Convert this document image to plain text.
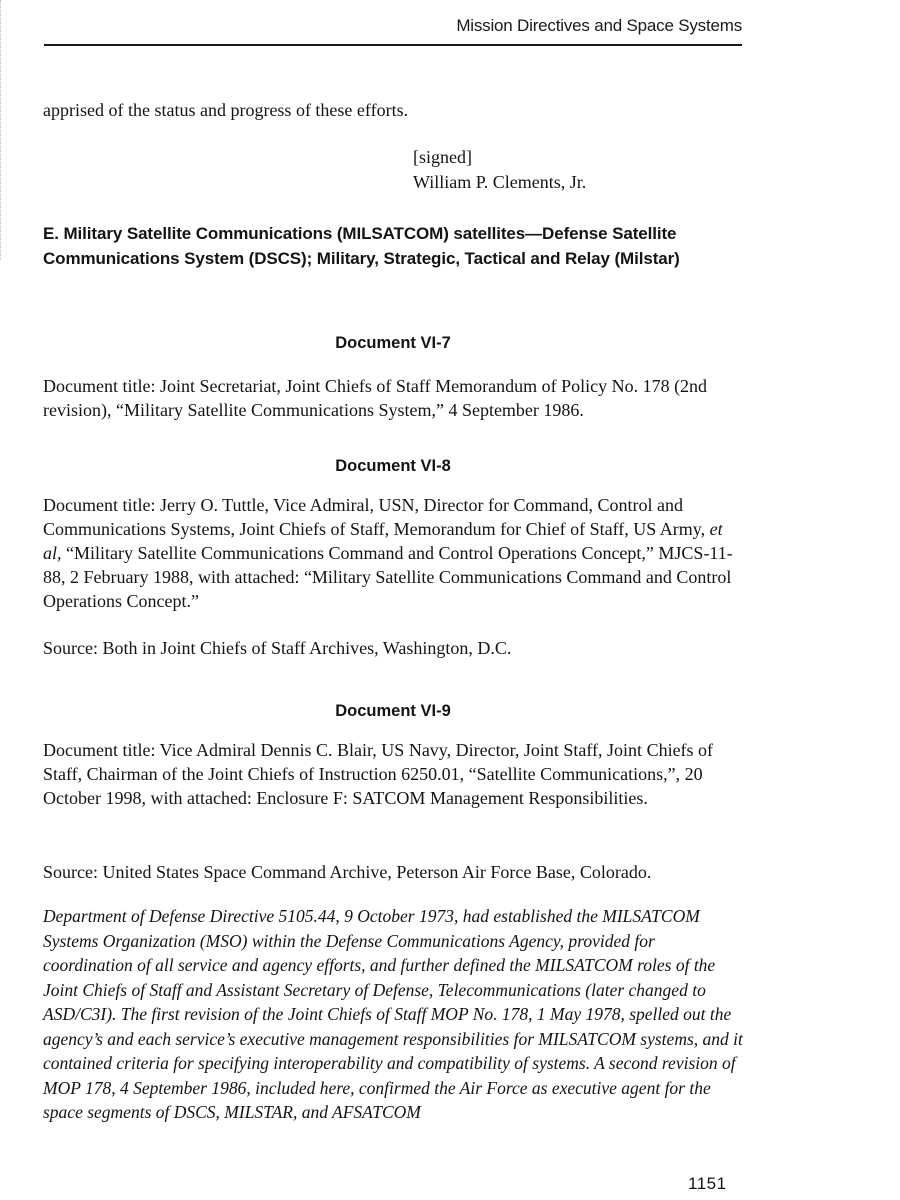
Mission Directives and Space Systems

apprised of the status and progress of these efforts.

[signed]
William P. Clements, Jr.

E. Military Satellite Communications (MILSATCOM) satellites—Defense Satellite Communications System (DSCS); Military, Strategic, Tactical and Relay (Milstar)

Document VI-7

Document title: Joint Secretariat, Joint Chiefs of Staff Memorandum of Policy No. 178 (2nd revision), “Military Satellite Communications System,” 4 September 1986.

Document VI-8

Document title: Jerry O. Tuttle, Vice Admiral, USN, Director for Command, Control and Communications Systems, Joint Chiefs of Staff, Memorandum for Chief of Staff, US Army, et al, “Military Satellite Communications Command and Control Operations Concept,” MJCS-11-88, 2 February 1988, with attached: “Military Satellite Communications Command and Control Operations Concept.”

Source: Both in Joint Chiefs of Staff Archives, Washington, D.C.

Document VI-9

Document title: Vice Admiral Dennis C. Blair, US Navy, Director, Joint Staff, Joint Chiefs of Staff, Chairman of the Joint Chiefs of Instruction 6250.01, “Satellite Communications,”, 20 October 1998, with attached: Enclosure F: SATCOM Management Responsibilities.

Source: United States Space Command Archive, Peterson Air Force Base, Colorado.

Department of Defense Directive 5105.44, 9 October 1973, had established the MILSATCOM Systems Organization (MSO) within the Defense Communications Agency, provided for coordination of all service and agency efforts, and further defined the MILSATCOM roles of the Joint Chiefs of Staff and Assistant Secretary of Defense, Telecommunications (later changed to ASD/C3I). The first revision of the Joint Chiefs of Staff MOP No. 178, 1 May 1978, spelled out the agency’s and each service’s executive management responsibilities for MILSATCOM systems, and it contained criteria for specifying interoperability and compatibility of systems. A second revision of MOP 178, 4 September 1986, included here, confirmed the Air Force as executive agent for the space segments of DSCS, MILSTAR, and AFSATCOM

1151
